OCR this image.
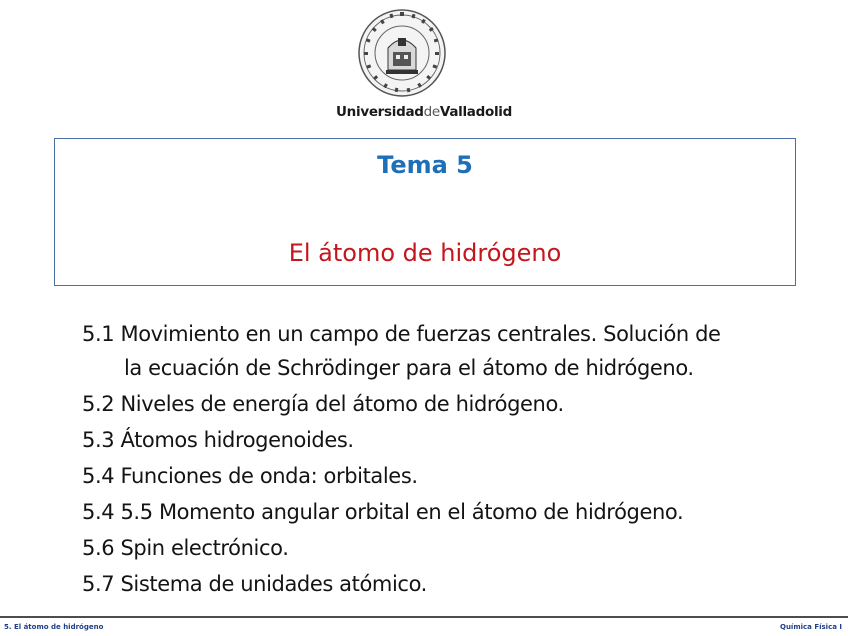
UniversidaddeValladolid
Tema 5
El átomo de hidrógeno
5.1 Movimiento en un campo de fuerzas centrales. Solución de
la ecuación de Schrödinger para el átomo de hidrógeno.
5.2 Niveles de energía del átomo de hidrógeno.
5.3 Átomos hidrogenoides.
5.4 Funciones de onda: orbitales.
5.4 5.5 Momento angular orbital en el átomo de hidrógeno.
5.6 Spin electrónico.
5.7 Sistema de unidades atómico.
5. El átomo de hidrógeno	Química Física I
